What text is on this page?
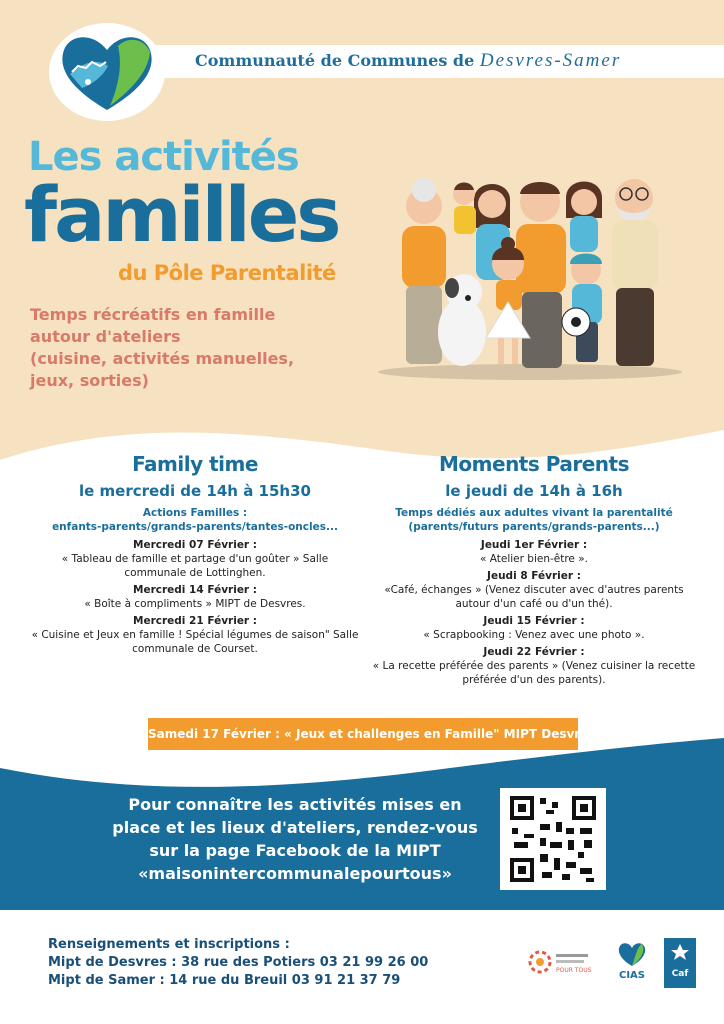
Communauté de Communes de Desvres-Samer
Les activités
familles
du Pôle Parentalité
Temps récréatifs en famille
autour d'ateliers
(cuisine, activités manuelles,
jeux, sorties)
Family time
le mercredi de 14h à 15h30
Actions Familles :
enfants-parents/grands-parents/tantes-oncles...
Mercredi 07 Février :
« Tableau de famille et partage d'un goûter » Salle communale de Lottinghen.
Mercredi 14 Février :
« Boîte à compliments » MIPT de Desvres.
Mercredi 21 Février :
« Cuisine et Jeux en famille ! Spécial légumes de saison" Salle communale de Courset.
Moments Parents
le jeudi de 14h à 16h
Temps dédiés aux adultes vivant la parentalité
(parents/futurs parents/grands-parents...)
Jeudi 1er Février :
« Atelier bien-être ».
Jeudi 8 Février :
«Café, échanges » (Venez discuter avec d'autres parents autour d'un café ou d'un thé).
Jeudi 15 Février :
« Scrapbooking : Venez avec une photo ».
Jeudi 22 Février :
« La recette préférée des parents » (Venez cuisiner la recette préférée d'un des parents).
Samedi 17 Février : « Jeux et challenges en Famille" MIPT Desvres.
Pour connaître les activités mises en
place et les lieux d'ateliers, rendez-vous
sur la page Facebook de la MIPT
«maisonintercommunalepourtous»
Renseignements et inscriptions :
Mipt de Desvres : 38 rue des Potiers 03 21 99 26 00
Mipt de Samer : 14 rue du Breuil 03 91 21 37 79
POUR TOUS	CIAS	Caf
